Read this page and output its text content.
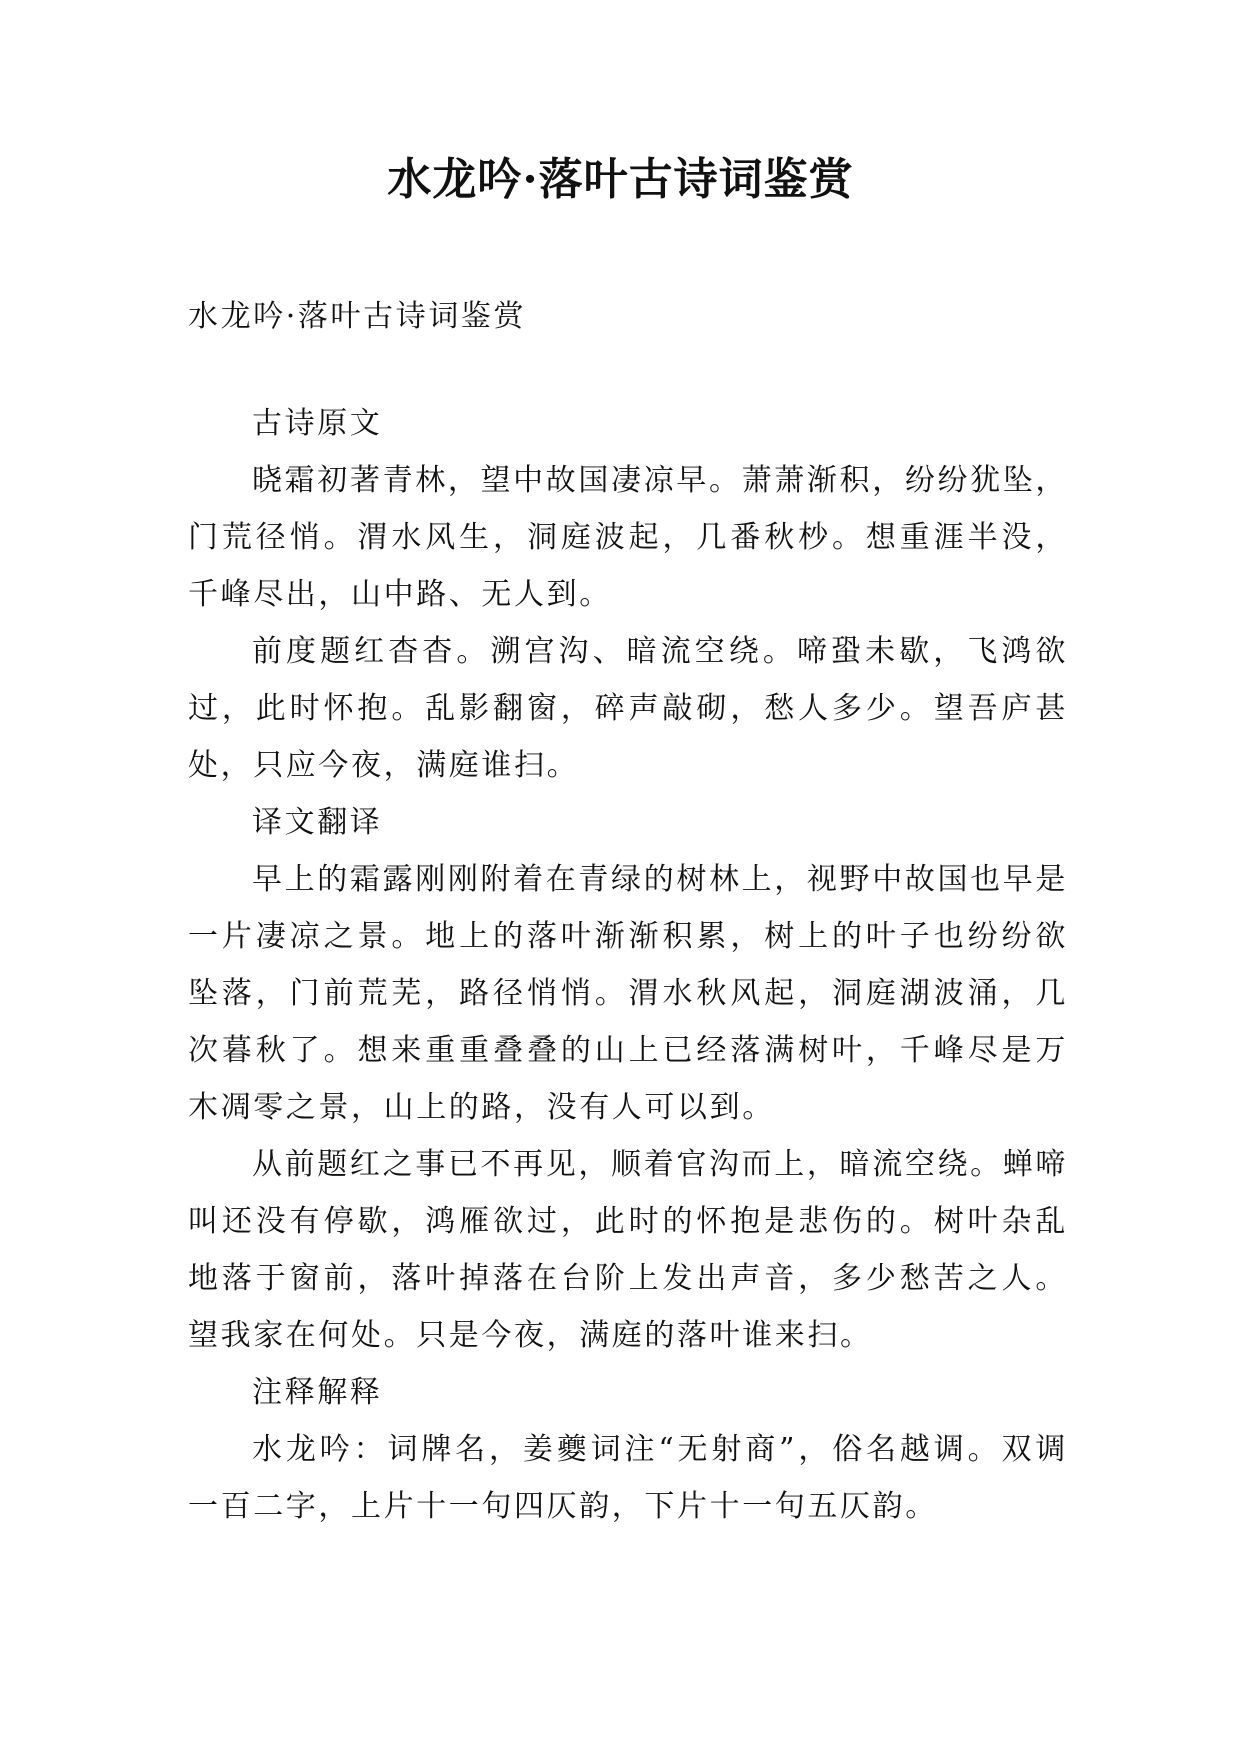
水龙吟·落叶古诗词鉴赏

水龙吟·落叶古诗词鉴赏

古诗原文

晓霜初著青林，望中故国凄凉早。萧萧渐积，纷纷犹坠，门荒径悄。渭水风生，洞庭波起，几番秋杪。想重涯半没，千峰尽出，山中路、无人到。

前度题红杳杳。溯宫沟、暗流空绕。啼蛩未歇，飞鸿欲过，此时怀抱。乱影翻窗，碎声敲砌，愁人多少。望吾庐甚处，只应今夜，满庭谁扫。

译文翻译

早上的霜露刚刚附着在青绿的树林上，视野中故国也早是一片凄凉之景。地上的落叶渐渐积累，树上的叶子也纷纷欲坠落，门前荒芜，路径悄悄。渭水秋风起，洞庭湖波涌，几次暮秋了。想来重重叠叠的山上已经落满树叶，千峰尽是万木凋零之景，山上的路，没有人可以到。

从前题红之事已不再见，顺着官沟而上，暗流空绕。蝉啼叫还没有停歇，鸿雁欲过，此时的怀抱是悲伤的。树叶杂乱地落于窗前，落叶掉落在台阶上发出声音，多少愁苦之人。望我家在何处。只是今夜，满庭的落叶谁来扫。

注释解释

水龙吟：词牌名，姜夔词注“无射商”，俗名越调。双调一百二字，上片十一句四仄韵，下片十一句五仄韵。
